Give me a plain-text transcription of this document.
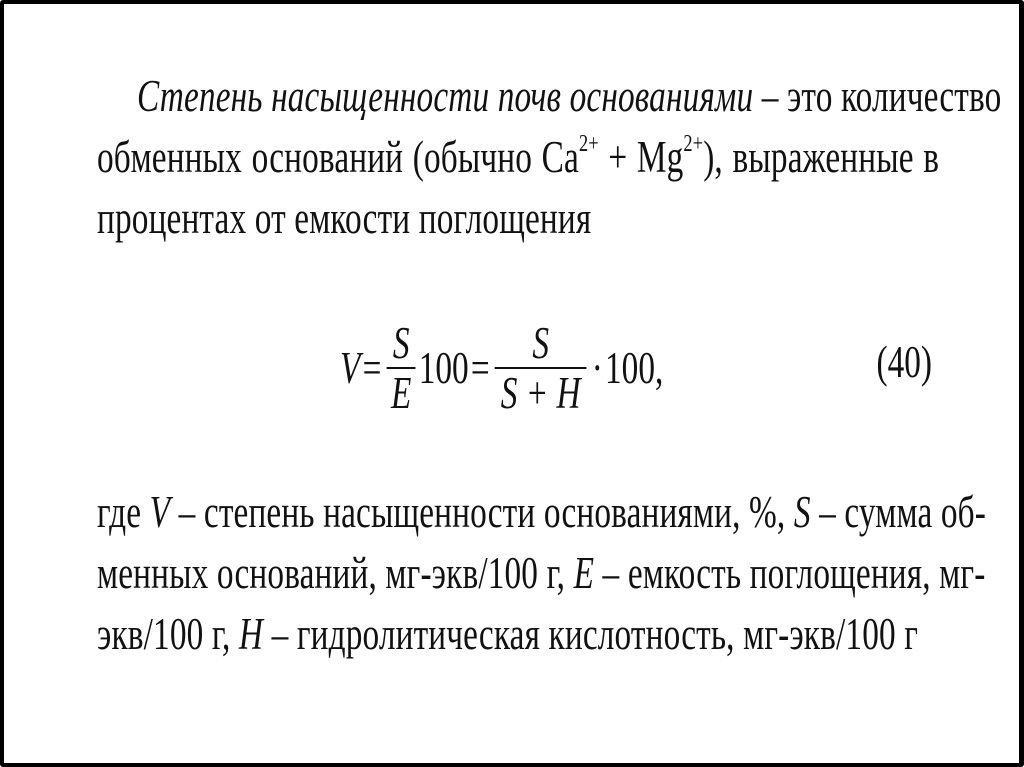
Степень насыщенности почв основаниями – это количество
обменных оснований (обычно $Ca^{2+} + Mg^{2+}$), выраженные в
процентах от емкости поглощения
$V = \frac{S}{E} 100 = \frac{S}{S + H} \cdot 100$,	(40)
где V – степень насыщенности основаниями, %, S – сумма об-
менных оснований, мг-экв/100 г, E – емкость поглощения, мг-
экв/100 г, H – гидролитическая кислотность, мг-экв/100 г
